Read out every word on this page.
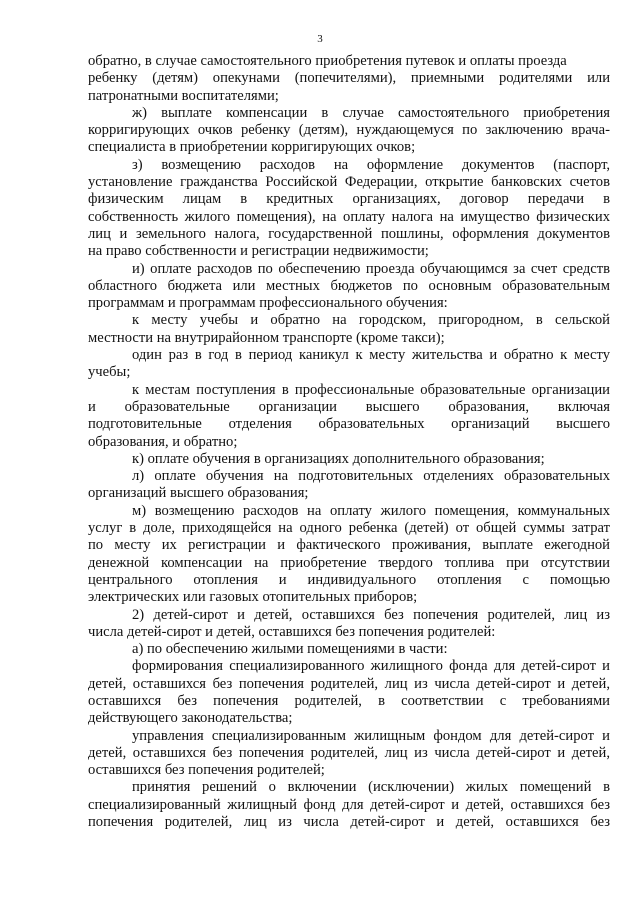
3
обратно, в случае самостоятельного приобретения путевок и оплаты проезда
ребенку (детям) опекунами (попечителями), приемными родителями или
патронатными воспитателями;
ж) выплате компенсации в случае самостоятельного приобретения
корригирующих очков ребенку (детям), нуждающемуся по заключению врача-
специалиста в приобретении корригирующих очков;
з) возмещению расходов на оформление документов (паспорт,
установление гражданства Российской Федерации, открытие банковских счетов
физическим лицам в кредитных организациях, договор передачи в
собственность жилого помещения), на оплату налога на имущество физических
лиц и земельного налога, государственной пошлины, оформления документов
на право собственности и регистрации недвижимости;
и) оплате расходов по обеспечению проезда обучающимся за счет средств
областного бюджета или местных бюджетов по основным образовательным
программам и программам профессионального обучения:
к месту учебы и обратно на городском, пригородном, в сельской
местности на внутрирайонном транспорте (кроме такси);
один раз в год в период каникул к месту жительства и обратно к месту
учебы;
к местам поступления в профессиональные образовательные организации
и образовательные организации высшего образования, включая
подготовительные отделения образовательных организаций высшего
образования, и обратно;
к) оплате обучения в организациях дополнительного образования;
л) оплате обучения на подготовительных отделениях образовательных
организаций высшего образования;
м) возмещению расходов на оплату жилого помещения, коммунальных
услуг в доле, приходящейся на одного ребенка (детей) от общей суммы затрат
по месту их регистрации и фактического проживания, выплате ежегодной
денежной компенсации на приобретение твердого топлива при отсутствии
центрального отопления и индивидуального отопления с помощью
электрических или газовых отопительных приборов;
2) детей-сирот и детей, оставшихся без попечения родителей, лиц из
числа детей-сирот и детей, оставшихся без попечения родителей:
а) по обеспечению жилыми помещениями в части:
формирования специализированного жилищного фонда для детей-сирот и
детей, оставшихся без попечения родителей, лиц из числа детей-сирот и детей,
оставшихся без попечения родителей, в соответствии с требованиями
действующего законодательства;
управления специализированным жилищным фондом для детей-сирот и
детей, оставшихся без попечения родителей, лиц из числа детей-сирот и детей,
оставшихся без попечения родителей;
принятия решений о включении (исключении) жилых помещений в
специализированный жилищный фонд для детей-сирот и детей, оставшихся без
попечения родителей, лиц из числа детей-сирот и детей, оставшихся без
